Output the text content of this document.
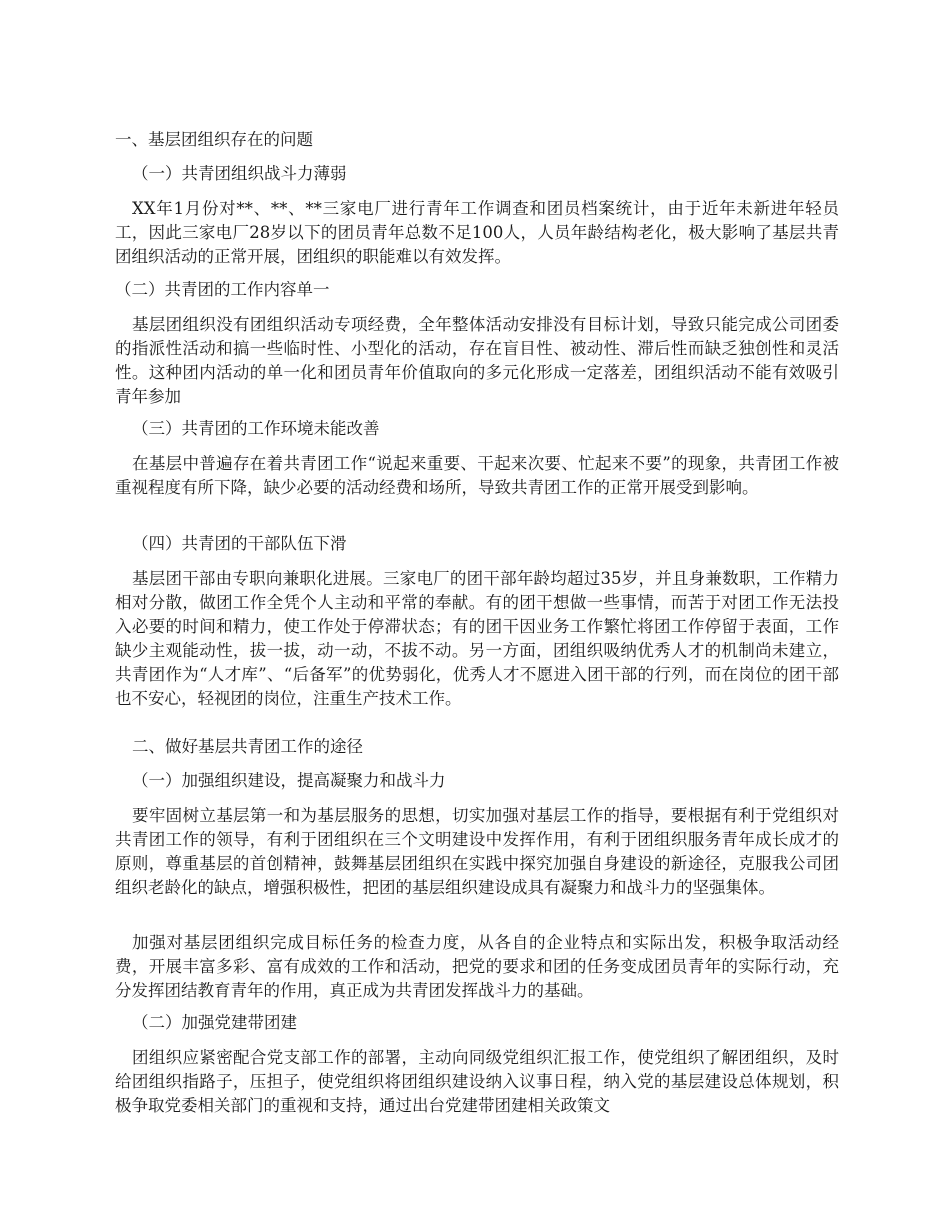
一、基层团组织存在的问题

（一）共青团组织战斗力薄弱

XX年1月份对**、**、**三家电厂进行青年工作调查和团员档案统计，由于近年未新进年轻员工，因此三家电厂28岁以下的团员青年总数不足100人，人员年龄结构老化，极大影响了基层共青团组织活动的正常开展，团组织的职能难以有效发挥。

（二）共青团的工作内容单一

基层团组织没有团组织活动专项经费，全年整体活动安排没有目标计划，导致只能完成公司团委的指派性活动和搞一些临时性、小型化的活动，存在盲目性、被动性、滞后性而缺乏独创性和灵活性。这种团内活动的单一化和团员青年价值取向的多元化形成一定落差，团组织活动不能有效吸引青年参加

（三）共青团的工作环境未能改善

在基层中普遍存在着共青团工作“说起来重要、干起来次要、忙起来不要”的现象，共青团工作被重视程度有所下降，缺少必要的活动经费和场所，导致共青团工作的正常开展受到影响。

（四）共青团的干部队伍下滑

基层团干部由专职向兼职化进展。三家电厂的团干部年龄均超过35岁，并且身兼数职，工作精力相对分散，做团工作全凭个人主动和平常的奉献。有的团干想做一些事情，而苦于对团工作无法投入必要的时间和精力，使工作处于停滞状态；有的团干因业务工作繁忙将团工作停留于表面，工作缺少主观能动性，拔一拔，动一动，不拔不动。另一方面，团组织吸纳优秀人才的机制尚未建立，共青团作为“人才库”、“后备军”的优势弱化，优秀人才不愿进入团干部的行列，而在岗位的团干部也不安心，轻视团的岗位，注重生产技术工作。

二、做好基层共青团工作的途径

（一）加强组织建设，提高凝聚力和战斗力

要牢固树立基层第一和为基层服务的思想，切实加强对基层工作的指导，要根据有利于党组织对共青团工作的领导，有利于团组织在三个文明建设中发挥作用，有利于团组织服务青年成长成才的原则，尊重基层的首创精神，鼓舞基层团组织在实践中探究加强自身建设的新途径，克服我公司团组织老龄化的缺点，增强积极性，把团的基层组织建设成具有凝聚力和战斗力的坚强集体。

加强对基层团组织完成目标任务的检查力度，从各自的企业特点和实际出发，积极争取活动经费，开展丰富多彩、富有成效的工作和活动，把党的要求和团的任务变成团员青年的实际行动，充分发挥团结教育青年的作用，真正成为共青团发挥战斗力的基础。

（二）加强党建带团建

团组织应紧密配合党支部工作的部署，主动向同级党组织汇报工作，使党组织了解团组织，及时给团组织指路子，压担子，使党组织将团组织建设纳入议事日程，纳入党的基层建设总体规划，积极争取党委相关部门的重视和支持，通过出台党建带团建相关政策文
